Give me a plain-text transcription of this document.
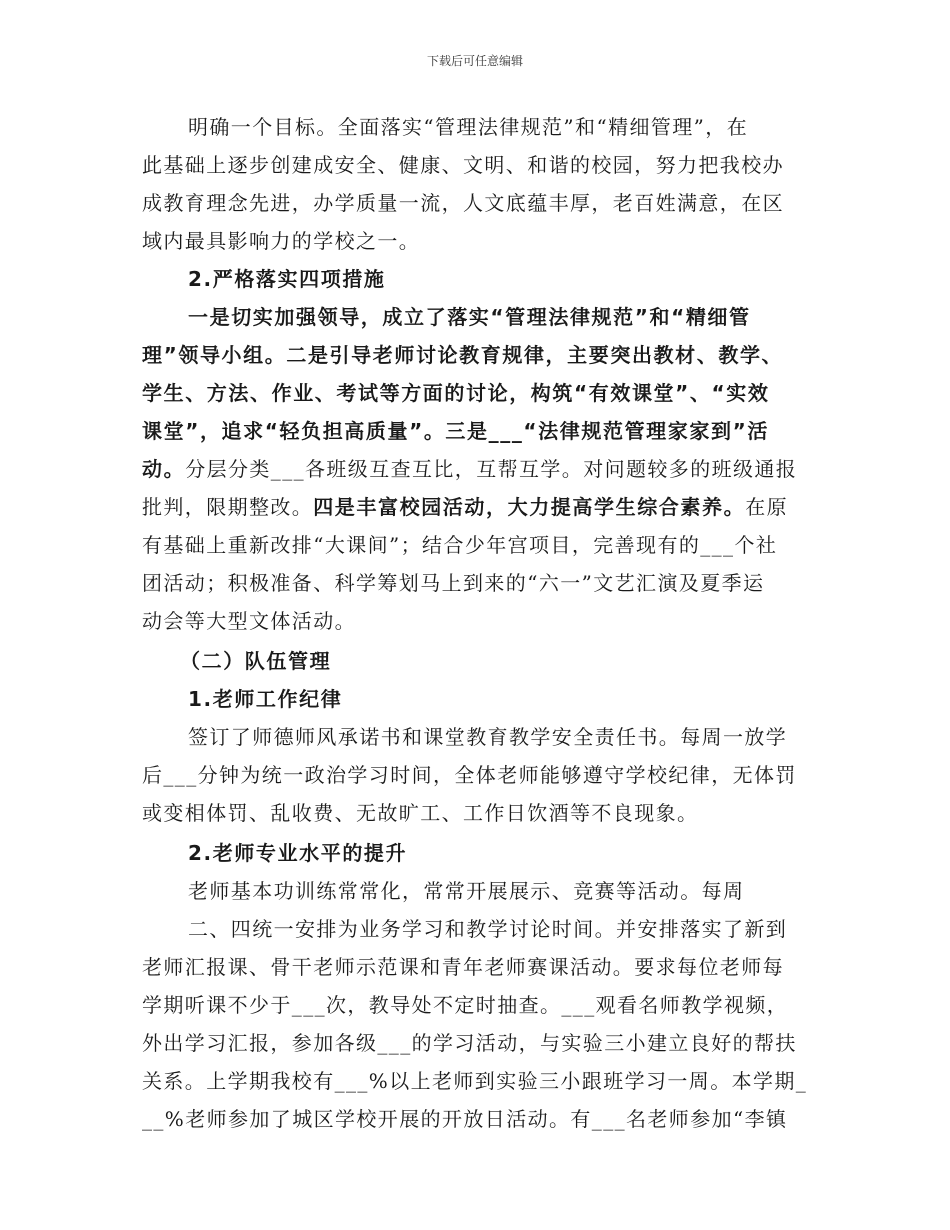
下载后可任意编辑
明确一个目标。全面落实“管理法律规范”和“精细管理”，在
此基础上逐步创建成安全、健康、文明、和谐的校园，努力把我校办
成教育理念先进，办学质量一流，人文底蕴丰厚，老百姓满意，在区
域内最具影响力的学校之一。
2.严格落实四项措施
一是切实加强领导，成立了落实“管理法律规范”和“精细管
理”领导小组。二是引导老师讨论教育规律，主要突出教材、教学、
学生、方法、作业、考试等方面的讨论，构筑“有效课堂”、“实效
课堂”，追求“轻负担高质量”。三是___“法律规范管理家家到”活
动。分层分类___各班级互查互比，互帮互学。对问题较多的班级通报
批判，限期整改。四是丰富校园活动，大力提高学生综合素养。在原
有基础上重新改排“大课间”；结合少年宫项目，完善现有的___个社
团活动；积极准备、科学筹划马上到来的“六一”文艺汇演及夏季运
动会等大型文体活动。
（二）队伍管理
1.老师工作纪律
签订了师德师风承诺书和课堂教育教学安全责任书。每周一放学
后___分钟为统一政治学习时间，全体老师能够遵守学校纪律，无体罚
或变相体罚、乱收费、无故旷工、工作日饮酒等不良现象。
2.老师专业水平的提升
老师基本功训练常常化，常常开展展示、竞赛等活动。每周
二、四统一安排为业务学习和教学讨论时间。并安排落实了新到
老师汇报课、骨干老师示范课和青年老师赛课活动。要求每位老师每
学期听课不少于___次，教导处不定时抽查。___观看名师教学视频，
外出学习汇报，参加各级___的学习活动，与实验三小建立良好的帮扶
关系。上学期我校有___%以上老师到实验三小跟班学习一周。本学期_
__%老师参加了城区学校开展的开放日活动。有___名老师参加“李镇
